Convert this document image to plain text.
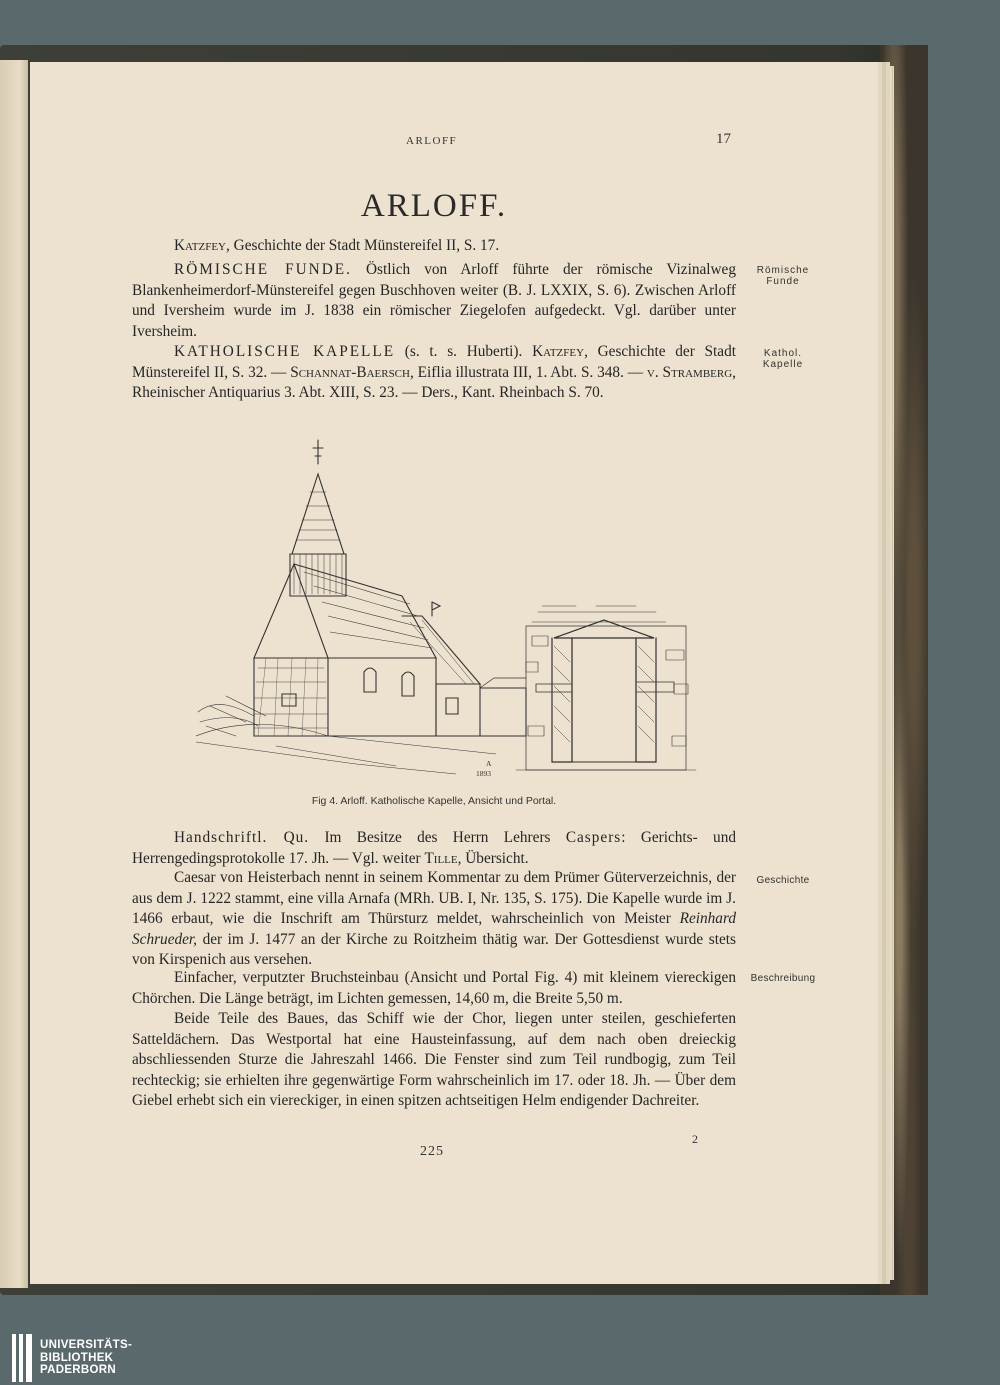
ARLOFF	17
ARLOFF.
Katzfey, Geschichte der Stadt Münstereifel II, S. 17.
RÖMISCHE FUNDE. Östlich von Arloff führte der römische Vizinalweg Blankenheimerdorf-Münstereifel gegen Buschhoven weiter (B. J. LXXIX, S. 6). Zwischen Arloff und Iversheim wurde im J. 1838 ein römischer Ziegelofen aufgedeckt. Vgl. darüber unter Iversheim.
KATHOLISCHE KAPELLE (s. t. s. Huberti). Katzfey, Geschichte der Stadt Münstereifel II, S. 32. — Schannat-Baersch, Eiflia illustrata III, 1. Abt. S. 348. — v. Stramberg, Rheinischer Antiquarius 3. Abt. XIII, S. 23. — Ders., Kant. Rheinbach S. 70.
Römische
Funde
Kathol.
Kapelle
A
1893
Fig 4. Arloff. Katholische Kapelle, Ansicht und Portal.
Handschriftl. Qu. Im Besitze des Herrn Lehrers Caspers: Gerichts- und Herrengedingsprotokolle 17. Jh. — Vgl. weiter Tille, Übersicht.
Caesar von Heisterbach nennt in seinem Kommentar zu dem Prümer Güterverzeichnis, der aus dem J. 1222 stammt, eine villa Arnafa (MRh. UB. I, Nr. 135, S. 175). Die Kapelle wurde im J. 1466 erbaut, wie die Inschrift am Thürsturz meldet, wahrscheinlich von Meister Reinhard Schrueder, der im J. 1477 an der Kirche zu Roitzheim thätig war. Der Gottesdienst wurde stets von Kirspenich aus versehen.
Einfacher, verputzter Bruchsteinbau (Ansicht und Portal Fig. 4) mit kleinem viereckigen Chörchen. Die Länge beträgt, im Lichten gemessen, 14,60 m, die Breite 5,50 m.
Beide Teile des Baues, das Schiff wie der Chor, liegen unter steilen, geschieferten Satteldächern. Das Westportal hat eine Hausteinfassung, auf dem nach oben dreieckig abschliessenden Sturze die Jahreszahl 1466. Die Fenster sind zum Teil rundbogig, zum Teil rechteckig; sie erhielten ihre gegenwärtige Form wahrscheinlich im 17. oder 18. Jh. — Über dem Giebel erhebt sich ein viereckiger, in einen spitzen achtseitigen Helm endigender Dachreiter.
Geschichte
Beschreibung
2
225
UNIVERSITÄTS-
BIBLIOTHEK
PADERBORN
